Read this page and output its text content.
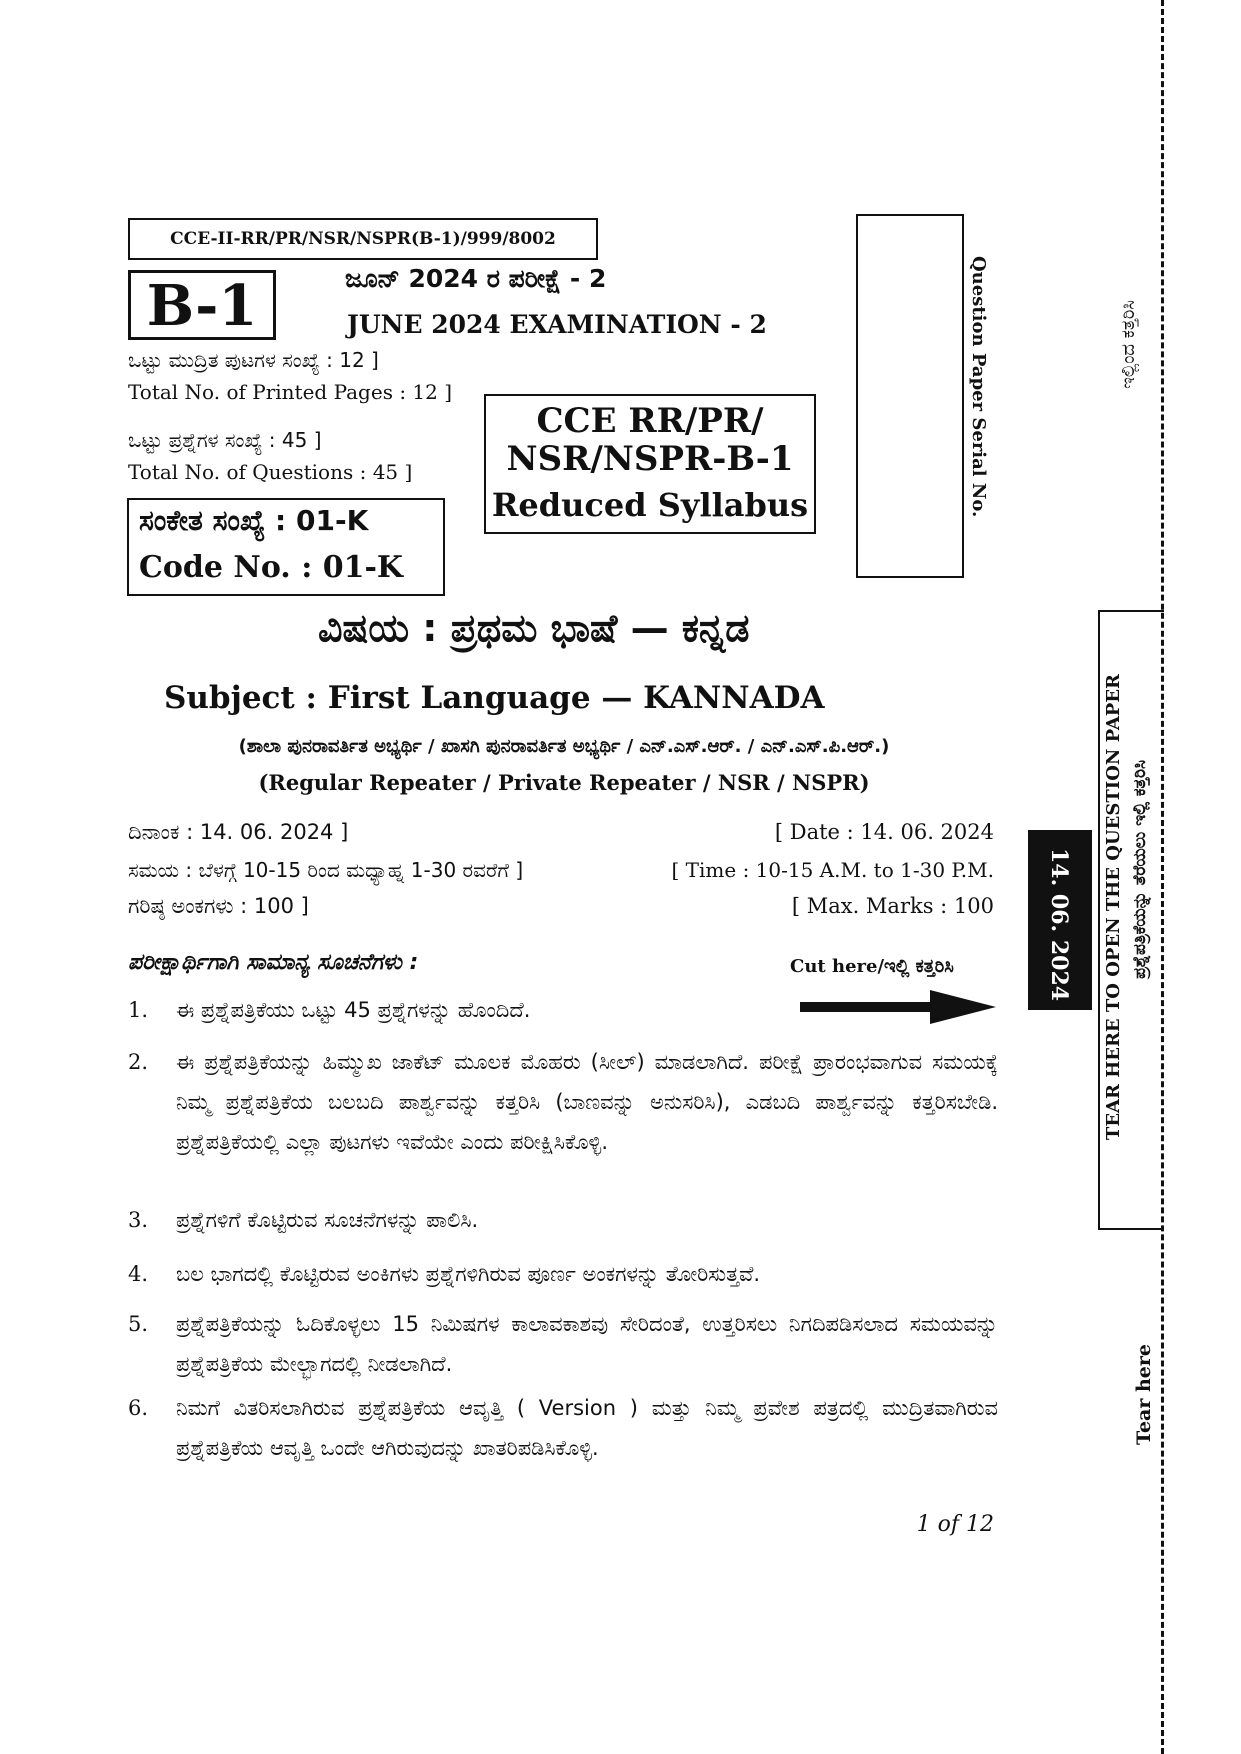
CCE-II-RR/PR/NSR/NSPR(B-1)/999/8002
B-1	ಜೂನ್ 2024 ರ ಪರೀಕ್ಷೆ - 2
JUNE 2024 EXAMINATION - 2
ಒಟ್ಟು ಮುದ್ರಿತ ಪುಟಗಳ ಸಂಖ್ಯೆ : 12 ]
Total No. of Printed Pages : 12 ]
ಒಟ್ಟು ಪ್ರಶ್ನೆಗಳ ಸಂಖ್ಯೆ : 45 ]
Total No. of Questions : 45 ]
ಸಂಕೇತ ಸಂಖ್ಯೆ : 01-K
Code No. : 01-K
CCE RR/PR/
NSR/NSPR-B-1
Reduced Syllabus	Question Paper Serial No.
ವಿಷಯ : ಪ್ರಥಮ ಭಾಷೆ — ಕನ್ನಡ
Subject : First Language — KANNADA
(ಶಾಲಾ ಪುನರಾವರ್ತಿತ ಅಭ್ಯರ್ಥಿ / ಖಾಸಗಿ ಪುನರಾವರ್ತಿತ ಅಭ್ಯರ್ಥಿ / ಎನ್.ಎಸ್.ಆರ್. / ಎನ್.ಎಸ್.ಪಿ.ಆರ್.)
(Regular Repeater / Private Repeater / NSR / NSPR)
ದಿನಾಂಕ : 14. 06. 2024 ]	[ Date : 14. 06. 2024
ಸಮಯ : ಬೆಳಗ್ಗೆ 10-15 ರಿಂದ ಮಧ್ಯಾಹ್ನ 1-30 ರವರೆಗೆ ]	[ Time : 10-15 A.M. to 1-30 P.M.
ಗರಿಷ್ಠ ಅಂಕಗಳು : 100 ]	[ Max. Marks : 100
ಪರೀಕ್ಷಾರ್ಥಿಗಾಗಿ ಸಾಮಾನ್ಯ ಸೂಚನೆಗಳು :	Cut here/ಇಲ್ಲಿ ಕತ್ತರಿಸಿ
1. ಈ ಪ್ರಶ್ನೆಪತ್ರಿಕೆಯು ಒಟ್ಟು 45 ಪ್ರಶ್ನೆಗಳನ್ನು ಹೊಂದಿದೆ.
2. ಈ ಪ್ರಶ್ನೆಪತ್ರಿಕೆಯನ್ನು ಹಿಮ್ಮುಖ ಜಾಕೆಟ್ ಮೂಲಕ ಮೊಹರು (ಸೀಲ್) ಮಾಡಲಾಗಿದೆ. ಪರೀಕ್ಷೆ ಪ್ರಾರಂಭವಾಗುವ ಸಮಯಕ್ಕೆ ನಿಮ್ಮ ಪ್ರಶ್ನೆಪತ್ರಿಕೆಯ ಬಲಬದಿ ಪಾರ್ಶ್ವವನ್ನು ಕತ್ತರಿಸಿ (ಬಾಣವನ್ನು ಅನುಸರಿಸಿ), ಎಡಬದಿ ಪಾರ್ಶ್ವವನ್ನು ಕತ್ತರಿಸಬೇಡಿ. ಪ್ರಶ್ನೆಪತ್ರಿಕೆಯಲ್ಲಿ ಎಲ್ಲಾ ಪುಟಗಳು ಇವೆಯೇ ಎಂದು ಪರೀಕ್ಷಿಸಿಕೊಳ್ಳಿ.
3. ಪ್ರಶ್ನೆಗಳಿಗೆ ಕೊಟ್ಟಿರುವ ಸೂಚನೆಗಳನ್ನು ಪಾಲಿಸಿ.
4. ಬಲ ಭಾಗದಲ್ಲಿ ಕೊಟ್ಟಿರುವ ಅಂಕಿಗಳು ಪ್ರಶ್ನೆಗಳಿಗಿರುವ ಪೂರ್ಣ ಅಂಕಗಳನ್ನು ತೋರಿಸುತ್ತವೆ.
5. ಪ್ರಶ್ನೆಪತ್ರಿಕೆಯನ್ನು ಓದಿಕೊಳ್ಳಲು 15 ನಿಮಿಷಗಳ ಕಾಲಾವಕಾಶವು ಸೇರಿದಂತೆ, ಉತ್ತರಿಸಲು ನಿಗದಿಪಡಿಸಲಾದ ಸಮಯವನ್ನು ಪ್ರಶ್ನೆಪತ್ರಿಕೆಯ ಮೇಲ್ಭಾಗದಲ್ಲಿ ನೀಡಲಾಗಿದೆ.
6. ನಿಮಗೆ ವಿತರಿಸಲಾಗಿರುವ ಪ್ರಶ್ನೆಪತ್ರಿಕೆಯ ಆವೃತ್ತಿ ( Version ) ಮತ್ತು ನಿಮ್ಮ ಪ್ರವೇಶ ಪತ್ರದಲ್ಲಿ ಮುದ್ರಿತವಾಗಿರುವ ಪ್ರಶ್ನೆಪತ್ರಿಕೆಯ ಆವೃತ್ತಿ ಒಂದೇ ಆಗಿರುವುದನ್ನು ಖಾತರಿಪಡಿಸಿಕೊಳ್ಳಿ.
1 of 12
ಇಲ್ಲಿಂದ ಕತ್ತರಿಸಿ
14. 06. 2024 TEAR HERE TO OPEN THE QUESTION PAPER ಪ್ರಶ್ನೆಪತ್ರಿಕೆಯನ್ನು ತೆರೆಯಲು ಇಲ್ಲಿ ಕತ್ತರಿಸಿ
Tear here
